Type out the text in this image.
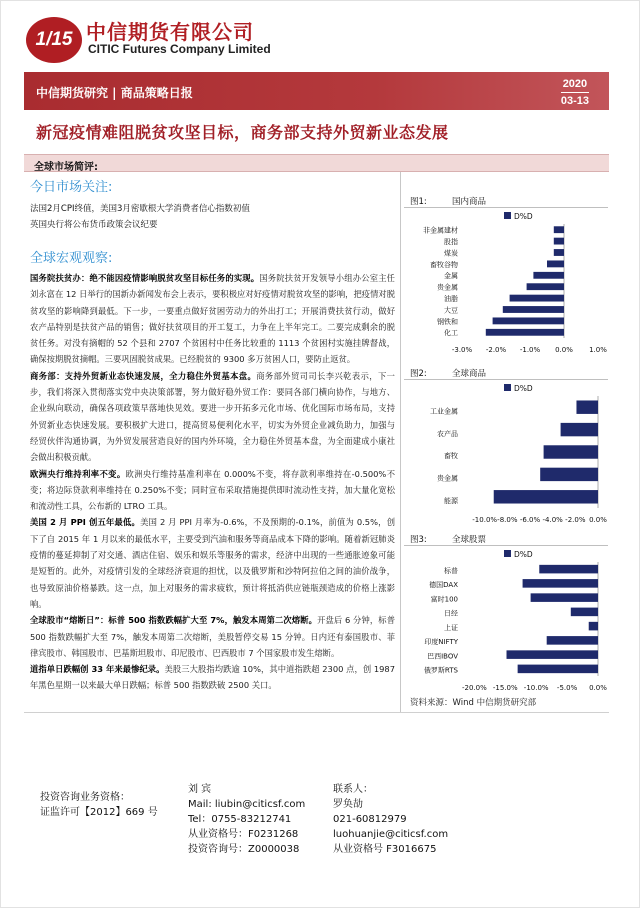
1/15 中信期货有限公司
CITIC Futures Company Limited
中信期货研究 | 商品策略日报
2020
03-13
新冠疫情难阻脱贫攻坚目标，商务部支持外贸新业态发展
全球市场简评:
今日市场关注:
法国2月CPI终值，美国3月密歇根大学消费者信心指数初值
英国央行将公布货币政策会议纪要
全球宏观观察:

国务院扶贫办：绝不能因疫情影响脱贫攻坚目标任务的实现。国务院扶贫开发领导小组办公室主任刘永富在 12 日举行的国新办新闻发布会上表示，要积极应对好疫情对脱贫攻坚的影响，把疫情对脱贫攻坚的影响降到最低。下一步，一要重点做好贫困劳动力的外出打工；开展消费扶贫行动，做好农产品特别是扶贫产品的销售；做好扶贫项目的开工复工，力争在上半年完工。二要完成剩余的脱贫任务。对没有摘帽的 52 个县和 2707 个贫困村中任务比较重的 1113 个贫困村实施挂牌督战，确保按期脱贫摘帽。三要巩固脱贫成果。已经脱贫的 9300 多万贫困人口，要防止返贫。

商务部：支持外贸新业态快速发展，全力稳住外贸基本盘。商务部外贸司司长李兴乾表示，下一步，我们将深入贯彻落实党中央决策部署，努力做好稳外贸工作：要同各部门横向协作，与地方、企业纵向联动，确保各项政策早落地快见效。要进一步开拓多元化市场、优化国际市场布局，支持外贸新业态快速发展。要积极扩大进口，提高贸易便利化水平，切实为外贸企业减负助力，加强与经贸伙伴沟通协调，为外贸发展营造良好的国内外环境，全力稳住外贸基本盘，为全面建成小康社会做出积极贡献。

欧洲央行维持利率不变。欧洲央行维持基准利率在 0.000%不变，将存款利率维持在-0.500%不变；将边际贷款利率维持在 0.250%不变；同时宣布采取措施提供即时流动性支持，加大量化宽松和流动性工具，公布新的 LTRO 工具。

美国 2 月 PPI 创五年最低。美国 2 月 PPI 月率为-0.6%，不及预期的-0.1%，前值为 0.5%，创下了自 2015 年 1 月以来的最低水平，主要受到汽油和服务等商品成本下降的影响。随着新冠肺炎疫情的蔓延抑制了对交通、酒店住宿、娱乐和娱乐等服务的需求，经济中出现的一些通胀迹象可能是短暂的。此外，对疫情引发的全球经济衰退的担忧，以及俄罗斯和沙特阿拉伯之间的油价战争，也导致原油价格暴跌。这一点，加上对服务的需求疲软，预计将抵消供应链瓶颈造成的价格上涨影响。

全球股市“熔断日”：标普 500 指数跌幅扩大至 7%，触发本周第二次熔断。开盘后 6 分钟，标普 500 指数跌幅扩大至 7%，触发本周第二次熔断，美股暂停交易 15 分钟。日内还有泰国股市、菲律宾股市、韩国股市、巴基斯坦股市、印尼股市、巴西股市 7 个国家股市发生熔断。

道指单日跌幅创 33 年来最惨纪录。美股三大股指均跌逾 10%，其中道指跌超 2300 点，创 1987 年黑色星期一以来最大单日跌幅；标普 500 指数跌破 2500 关口。

图1:	国内商品
D%D
非金属建材
股指
煤炭
畜牧谷物
金属
贵金属
油脂
大豆
钢铁和
化工
-3.0% -2.0% -1.0% 0.0% 1.0%
图2:	全球商品
D%D
工业金属
农产品
畜牧
贵金属
能源
-10.0% -8.0% -6.0% -4.0% -2.0% 0.0%
图3:	全球股票
D%D
标普
德国DAX
富时100
日经
上证
印度NIFTY
巴西IBOV
俄罗斯RTS
-20.0% -15.0% -10.0% -5.0% 0.0%
资料来源：Wind 中信期货研究部
投资咨询业务资格：
证监许可【2012】669 号
刘 宾
Mail: liubin@citicsf.com
Tel：0755-83212741
从业资格号：F0231268
投资咨询号：Z0000038
联系人：
罗奂劼
021-60812979
luohuanjie@citicsf.com
从业资格号 F3016675
